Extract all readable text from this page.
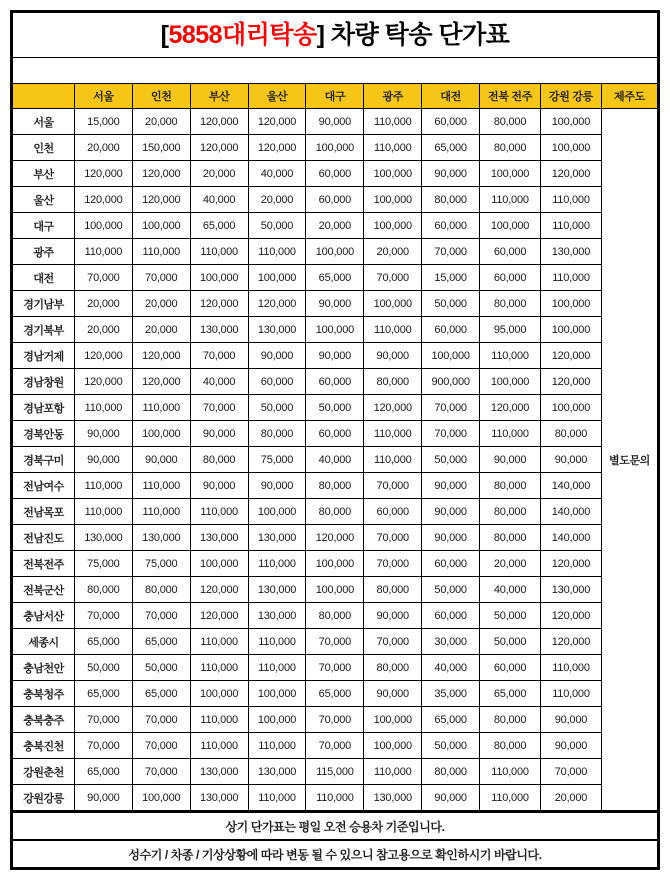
[5858대리탁송] 차량 탁송 단가표										

	서울	인천	부산	울산	대구	광주	대전	전북 전주	강원 강릉	제주도
서울	15,000	20,000	120,000	120,000	90,000	110,000	60,000	80,000	100,000	별도문의
인천	20,000	150,000	120,000	120,000	100,000	110,000	65,000	80,000	100,000	
부산	120,000	120,000	20,000	40,000	60,000	100,000	90,000	100,000	120,000	
울산	120,000	120,000	40,000	20,000	60,000	100,000	80,000	110,000	110,000	
대구	100,000	100,000	65,000	50,000	20,000	100,000	60,000	100,000	110,000	
광주	110,000	110,000	110,000	110,000	100,000	20,000	70,000	60,000	130,000	
대전	70,000	70,000	100,000	100,000	65,000	70,000	15,000	60,000	110,000	
경기남부	20,000	20,000	120,000	120,000	90,000	100,000	50,000	80,000	100,000	
경기북부	20,000	20,000	130,000	130,000	100,000	110,000	60,000	95,000	100,000	
경남거제	120,000	120,000	70,000	90,000	90,000	90,000	100,000	110,000	120,000	
경남창원	120,000	120,000	40,000	60,000	60,000	80,000	900,000	100,000	120,000	
경남포항	110,000	110,000	70,000	50,000	50,000	120,000	70,000	120,000	100,000	
경북안동	90,000	100,000	90,000	80,000	60,000	110,000	70,000	110,000	80,000	
경북구미	90,000	90,000	80,000	75,000	40,000	110,000	50,000	90,000	90,000	
전남여수	110,000	110,000	90,000	90,000	80,000	70,000	90,000	80,000	140,000	
전남목포	110,000	110,000	110,000	100,000	80,000	60,000	90,000	80,000	140,000	
전남진도	130,000	130,000	130,000	130,000	120,000	70,000	90,000	80,000	140,000	
전북전주	75,000	75,000	100,000	110,000	100,000	70,000	60,000	20,000	120,000	
전북군산	80,000	80,000	120,000	130,000	100,000	80,000	50,000	40,000	130,000	
충남서산	70,000	70,000	120,000	130,000	80,000	90,000	60,000	50,000	120,000	
세종시	65,000	65,000	110,000	110,000	70,000	70,000	30,000	50,000	120,000	
충남천안	50,000	50,000	110,000	110,000	70,000	80,000	40,000	60,000	110,000	
충북청주	65,000	65,000	100,000	100,000	65,000	90,000	35,000	65,000	110,000	
충북충주	70,000	70,000	110,000	100,000	70,000	100,000	65,000	80,000	90,000	
충북진천	70,000	70,000	110,000	110,000	70,000	100,000	50,000	80,000	90,000	
강원춘천	65,000	70,000	130,000	130,000	115,000	110,000	80,000	110,000	70,000	
강원강릉	90,000	100,000	130,000	110,000	110,000	130,000	90,000	110,000	20,000	
상기 단가표는 평일 오전 승용차 기준입니다.										
성수기 / 차종 / 기상상황에 따라 변동 될 수 있으니 참고용으로 확인하시기 바랍니다.										
